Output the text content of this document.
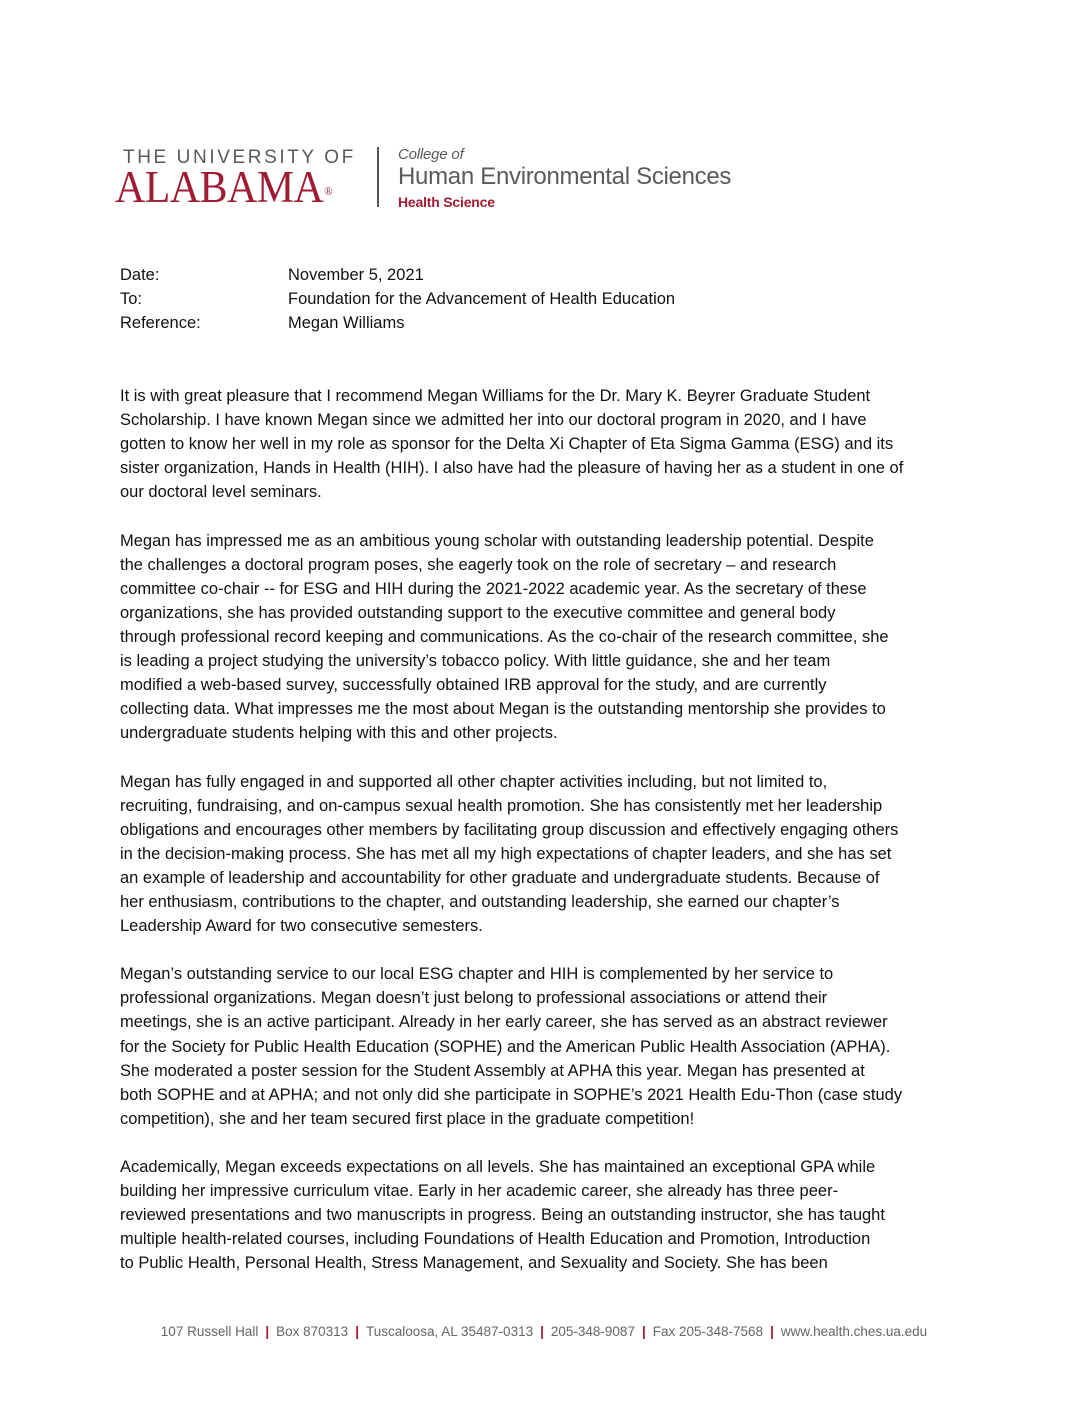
THE UNIVERSITY OF
ALABAMA®
College of
Human Environmental Sciences
Health Science
Date:	November 5, 2021
To:	Foundation for the Advancement of Health Education
Reference:	Megan Williams

It is with great pleasure that I recommend Megan Williams for the Dr. Mary K. Beyrer Graduate Student
Scholarship. I have known Megan since we admitted her into our doctoral program in 2020, and I have
gotten to know her well in my role as sponsor for the Delta Xi Chapter of Eta Sigma Gamma (ESG) and its
sister organization, Hands in Health (HIH). I also have had the pleasure of having her as a student in one of
our doctoral level seminars.

Megan has impressed me as an ambitious young scholar with outstanding leadership potential. Despite
the challenges a doctoral program poses, she eagerly took on the role of secretary – and research
committee co-chair -- for ESG and HIH during the 2021-2022 academic year. As the secretary of these
organizations, she has provided outstanding support to the executive committee and general body
through professional record keeping and communications. As the co-chair of the research committee, she
is leading a project studying the university’s tobacco policy. With little guidance, she and her team
modified a web-based survey, successfully obtained IRB approval for the study, and are currently
collecting data. What impresses me the most about Megan is the outstanding mentorship she provides to
undergraduate students helping with this and other projects.

Megan has fully engaged in and supported all other chapter activities including, but not limited to,
recruiting, fundraising, and on-campus sexual health promotion. She has consistently met her leadership
obligations and encourages other members by facilitating group discussion and effectively engaging others
in the decision-making process. She has met all my high expectations of chapter leaders, and she has set
an example of leadership and accountability for other graduate and undergraduate students. Because of
her enthusiasm, contributions to the chapter, and outstanding leadership, she earned our chapter’s
Leadership Award for two consecutive semesters.

Megan’s outstanding service to our local ESG chapter and HIH is complemented by her service to
professional organizations. Megan doesn’t just belong to professional associations or attend their
meetings, she is an active participant. Already in her early career, she has served as an abstract reviewer
for the Society for Public Health Education (SOPHE) and the American Public Health Association (APHA).
She moderated a poster session for the Student Assembly at APHA this year. Megan has presented at
both SOPHE and at APHA; and not only did she participate in SOPHE’s 2021 Health Edu-Thon (case study
competition), she and her team secured first place in the graduate competition!

Academically, Megan exceeds expectations on all levels. She has maintained an exceptional GPA while
building her impressive curriculum vitae. Early in her academic career, she already has three peer-
reviewed presentations and two manuscripts in progress. Being an outstanding instructor, she has taught
multiple health-related courses, including Foundations of Health Education and Promotion, Introduction
to Public Health, Personal Health, Stress Management, and Sexuality and Society. She has been

107 Russell Hall | Box 870313 | Tuscaloosa, AL 35487-0313 | 205-348-9087 | Fax 205-348-7568 | www.health.ches.ua.edu
